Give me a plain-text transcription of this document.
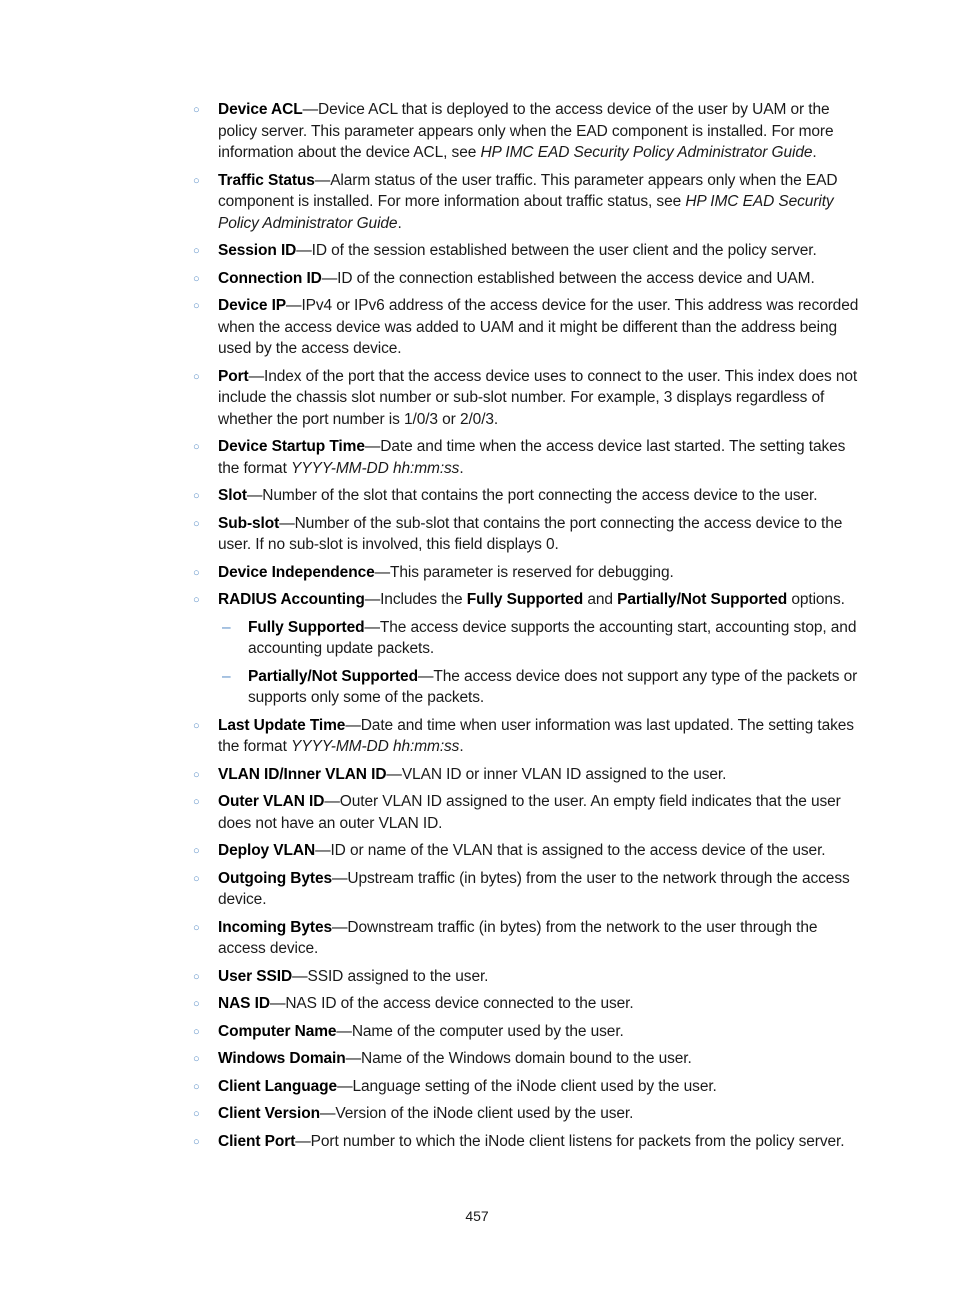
○ Device ACL—Device ACL that is deployed to the access device of the user by UAM or the policy server. This parameter appears only when the EAD component is installed. For more information about the device ACL, see HP IMC EAD Security Policy Administrator Guide.
○ Traffic Status—Alarm status of the user traffic. This parameter appears only when the EAD component is installed. For more information about traffic status, see HP IMC EAD Security Policy Administrator Guide.
○ Session ID—ID of the session established between the user client and the policy server.
○ Connection ID—ID of the connection established between the access device and UAM.
○ Device IP—IPv4 or IPv6 address of the access device for the user. This address was recorded when the access device was added to UAM and it might be different than the address being used by the access device.
○ Port—Index of the port that the access device uses to connect to the user. This index does not include the chassis slot number or sub-slot number. For example, 3 displays regardless of whether the port number is 1/0/3 or 2/0/3.
○ Device Startup Time—Date and time when the access device last started. The setting takes the format YYYY-MM-DD hh:mm:ss.
○ Slot—Number of the slot that contains the port connecting the access device to the user.
○ Sub-slot—Number of the sub-slot that contains the port connecting the access device to the user. If no sub-slot is involved, this field displays 0.
○ Device Independence—This parameter is reserved for debugging.
○ RADIUS Accounting—Includes the Fully Supported and Partially/Not Supported options.
– Fully Supported—The access device supports the accounting start, accounting stop, and accounting update packets.
– Partially/Not Supported—The access device does not support any type of the packets or supports only some of the packets.
○ Last Update Time—Date and time when user information was last updated. The setting takes the format YYYY-MM-DD hh:mm:ss.
○ VLAN ID/Inner VLAN ID—VLAN ID or inner VLAN ID assigned to the user.
○ Outer VLAN ID—Outer VLAN ID assigned to the user. An empty field indicates that the user does not have an outer VLAN ID.
○ Deploy VLAN—ID or name of the VLAN that is assigned to the access device of the user.
○ Outgoing Bytes—Upstream traffic (in bytes) from the user to the network through the access device.
○ Incoming Bytes—Downstream traffic (in bytes) from the network to the user through the access device.
○ User SSID—SSID assigned to the user.
○ NAS ID—NAS ID of the access device connected to the user.
○ Computer Name—Name of the computer used by the user.
○ Windows Domain—Name of the Windows domain bound to the user.
○ Client Language—Language setting of the iNode client used by the user.
○ Client Version—Version of the iNode client used by the user.
○ Client Port—Port number to which the iNode client listens for packets from the policy server.
457
